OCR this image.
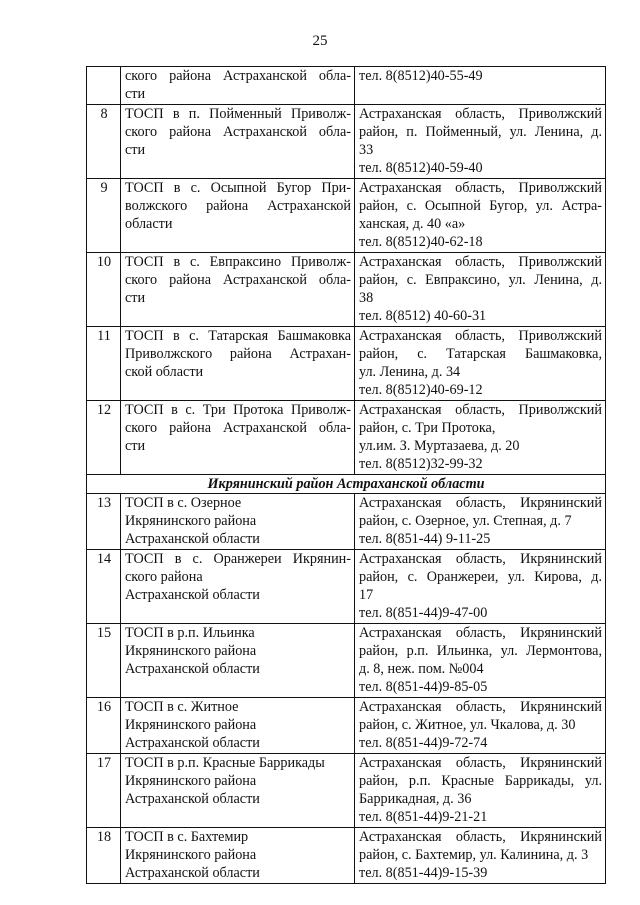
25

	ского района Астраханской обла-
сти	тел. 8(8512)40-55-49

8	ТОСП в п. Пойменный Приволж-
ского района Астраханской обла-
сти	Астраханская область, Приволжский
район, п. Пойменный, ул. Ленина, д.
33
тел. 8(8512)40-59-40

9	ТОСП в с. Осыпной Бугор При-
волжского района Астраханской
области	Астраханская область, Приволжский
район, с. Осыпной Бугор, ул. Астра-
ханская, д. 40 «а»
тел. 8(8512)40-62-18

10	ТОСП в с. Евпраксино Приволж-
ского района Астраханской обла-
сти	Астраханская область, Приволжский
район, с. Евпраксино, ул. Ленина, д.
38
тел. 8(8512) 40-60-31

11	ТОСП в с. Татарская Башмаковка
Приволжского района Астрахан-
ской области	Астраханская область, Приволжский
район, с. Татарская Башмаковка,
ул. Ленина, д. 34
тел. 8(8512)40-69-12

12	ТОСП в с. Три Протока Приволж-
ского района Астраханской обла-
сти	Астраханская область, Приволжский
район, с. Три Протока,
ул.им. З. Муртазаева, д. 20
тел. 8(8512)32-99-32

Икрянинский район Астраханской области		
13	ТОСП в с. Озерное
Икрянинского района
Астраханской области	Астраханская область, Икрянинский
район, с. Озерное, ул. Степная, д. 7
тел. 8(851-44) 9-11-25

14	ТОСП в с. Оранжереи Икрянин-
ского района
Астраханской области	Астраханская область, Икрянинский
район, с. Оранжереи, ул. Кирова, д.
17
тел. 8(851-44)9-47-00

15	ТОСП в р.п. Ильинка
Икрянинского района
Астраханской области	Астраханская область, Икрянинский
район, р.п. Ильинка, ул. Лермонтова,
д. 8, неж. пом. №004
тел. 8(851-44)9-85-05

16	ТОСП в с. Житное
Икрянинского района
Астраханской области	Астраханская область, Икрянинский
район, с. Житное, ул. Чкалова, д. 30
тел. 8(851-44)9-72-74

17	ТОСП в р.п. Красные Баррикады
Икрянинского района
Астраханской области	Астраханская область, Икрянинский
район, р.п. Красные Баррикады, ул.
Баррикадная, д. 36
тел. 8(851-44)9-21-21

18	ТОСП в с. Бахтемир
Икрянинского района
Астраханской области	Астраханская область, Икрянинский
район, с. Бахтемир, ул. Калинина, д. 3
тел. 8(851-44)9-15-39
